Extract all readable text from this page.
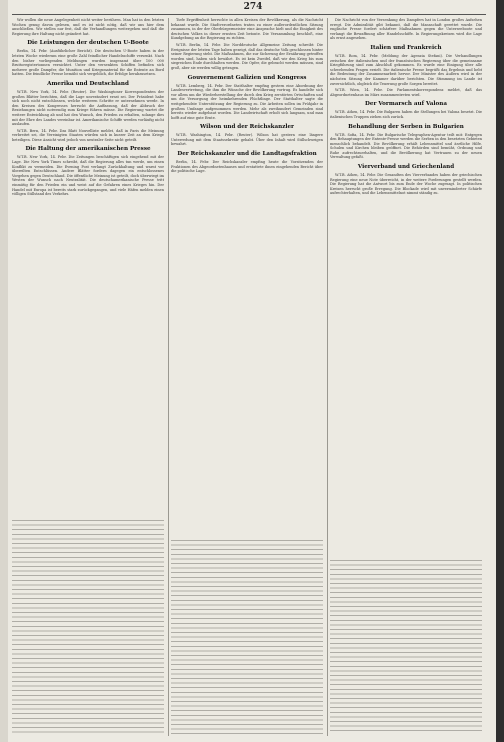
274

Wir wollen die neue Angelegenheit nicht weiter berühren. Man hat in den letzten Wochen genug davon gelesen, und es ist nicht nötig, daß wir uns hier dem anschließen. Wir stellen nur fest, daß die Verhandlungen weitergehen und daß die Regierung ihre Haltung nicht geändert hat.

Die Leistungen der deutschen U-Boote

Berlin, 14. Febr. (Ausführlicher Bericht). Die deutschen U-Boote haben in der letzten Woche wiederum eine große Zahl feindlicher Handelsschiffe versenkt. Nach den bisher vorliegenden Meldungen wurden insgesamt über 100 000 Bruttoregistertonnen vernichtet. Unter den versenkten Schiffen befinden sich mehrere große Dampfer, die Munition und Kriegsmaterial für die Entente an Bord hatten. Die feindliche Presse bemüht sich vergeblich, die Erfolge herabzusetzen.

Amerika und Deutschland

W.T.B. New York, 14. Febr. (Reuter). Die Washingtoner Korrespondenten der großen Blätter berichten, daß die Lage unverändert ernst sei. Der Präsident habe sich noch nicht entschlossen, welche weiteren Schritte er unternehmen werde. In den Kreisen des Kongresses herrscht die Auffassung, daß der Abbruch der Beziehungen nicht notwendig zum Kriege führen müsse. Die Regierung wartet die weitere Entwicklung ab und hat den Wunsch, den Frieden zu erhalten, solange dies mit der Ehre des Landes vereinbar ist. Amerikanische Schiffe werden vorläufig nicht auslaufen.

W.T.B. Bern, 14. Febr. Das Blatt Nouvelliste meldet, daß in Paris die Meinung verbreitet sei, die Vereinigten Staaten würden sich in kurzer Zeit an dem Kriege beteiligen. Diese Ansicht wird jedoch von neutraler Seite nicht geteilt.

Die Haltung der amerikanischen Presse

W.T.B. New York, 14. Febr. Die Zeitungen beschäftigen sich eingehend mit der Lage. Die New York Times schreibt, daß die Regierung alles tun werde, um einen Konflikt zu vermeiden. Die Evening Post verlangt Zurückhaltung und warnt vor übereilten Entschlüssen. Andere Blätter fordern dagegen ein entschlossenes Vorgehen gegen Deutschland. Die öffentliche Meinung ist geteilt, doch überwiegt im Westen der Wunsch nach Neutralität. Die deutschamerikanische Presse tritt einmütig für den Frieden ein und weist auf die Gefahren eines Krieges hin. Der Handel mit Europa ist bereits stark zurückgegangen, und viele Häfen melden einen völligen Stillstand des Verkehrs.

Tiefe Ergriffenheit herrschte in allen Kreisen der Bevölkerung, als die Nachricht bekannt wurde. Die Stadtverordneten traten zu einer außerordentlichen Sitzung zusammen, in der der Oberbürgermeister eine Ansprache hielt und die Einigkeit des deutschen Volkes in dieser ernsten Zeit betonte. Die Versammlung beschloß, eine Kundgebung an die Regierung zu richten.

W.T.B. Berlin, 14. Febr. Die Norddeutsche Allgemeine Zeitung schreibt: Die Ereignisse der letzten Tage haben gezeigt, daß das deutsche Volk geschlossen hinter seiner Regierung steht. Die Maßnahmen, die zur Sicherung der Ernährung getroffen worden sind, haben sich bewährt. Es ist kein Zweifel, daß wir den Krieg bis zum siegreichen Ende durchhalten werden. Die Opfer, die gebracht werden müssen, sind groß, aber sie werden willig getragen.

Gouvernement Galizien und Kongress

W.T.B. Lemberg, 14. Febr. Der Statthalter empfing gestern eine Abordnung der Landesvertretung, die ihm die Wünsche der Bevölkerung vortrug. Es handelte sich vor allem um die Wiederherstellung der durch den Krieg zerstörten Ortschaften und um die Versorgung der heimkehrenden Flüchtlinge. Der Statthalter sagte die weitgehendste Unterstützung der Regierung zu. Die Arbeiten sollen im Frühjahr in großem Umfange aufgenommen werden. Mehr als zweihundert Gemeinden sind bereits wieder aufgebaut worden. Die Landwirtschaft erholt sich langsam, und man hofft auf eine gute Ernte.

Wilson und der Reichskanzler

W.T.B. Washington, 14. Febr. (Reuter). Wilson hat gestern eine längere Unterredung mit dem Staatssekretär gehabt. Über den Inhalt wird Stillschweigen bewahrt.

Der Reichskanzler und die Landtagsfraktion

Berlin, 14. Febr. Der Reichskanzler empfing heute die Vorsitzenden der Fraktionen des Abgeordnetenhauses und erstattete ihnen eingehenden Bericht über die politische Lage.

Die Nachricht von der Versenkung des Dampfers hat in London großes Aufsehen erregt. Die Admiralität gibt bekannt, daß die Mannschaft gerettet wurde. Die englische Presse fordert schärfere Maßnahmen gegen die Unterseeboote und verlangt die Bewaffnung aller Handelsschiffe. In Regierungskreisen wird die Lage als ernst angesehen.

Italien und Frankreich

W.T.B. Rom, 14. Febr. (Meldung der Agenzia Stefani). Die Verhandlungen zwischen der italienischen und der französischen Regierung über die gemeinsame Kriegführung sind zum Abschluß gekommen. Es wurde eine Einigung über alle schwebenden Fragen erzielt. Die italienische Presse begrüßt das Ergebnis und hebt die Bedeutung der Zusammenarbeit hervor. Der Minister des Äußern wird in der nächsten Sitzung der Kammer darüber berichten. Die Stimmung im Lande ist zuversichtlich, obgleich die Teuerung große Sorgen bereitet.

W.T.B. Wien, 14. Febr. Die Parlamentskorrespondenz meldet, daß das Abgeordnetenhaus im März zusammentreten wird.

Der Vormarsch auf Valona

W.T.B. Athen, 14. Febr. Die Bulgaren haben die Stellungen bei Valona besetzt. Die italienischen Truppen ziehen sich zurück.

Behandlung der Serben in Bulgarien

W.T.B. Sofia, 14. Febr. Die Bulgarische Telegraphen-Agentur teilt mit: Entgegen den Behauptungen der Entente-Presse werden die Serben in den besetzten Gebieten menschlich behandelt. Die Bevölkerung erhält Lebensmittel und ärztliche Hilfe. Schulen und Kirchen bleiben geöffnet. Die Behörden sind bemüht, Ordnung und Ruhe aufrechtzuerhalten, und die Bevölkerung hat Vertrauen zu der neuen Verwaltung gefaßt.

Vierverband und Griechenland

W.T.B. Athen, 14. Febr. Die Gesandten des Vierverbandes haben der griechischen Regierung eine neue Note überreicht, in der weitere Forderungen gestellt werden. Die Regierung hat die Antwort bis zum Ende der Woche zugesagt. In politischen Kreisen herrscht große Erregung. Die Blockade wird mit unverminderter Schärfe aufrechterhalten, und die Lebensmittelnot nimmt ständig zu.
